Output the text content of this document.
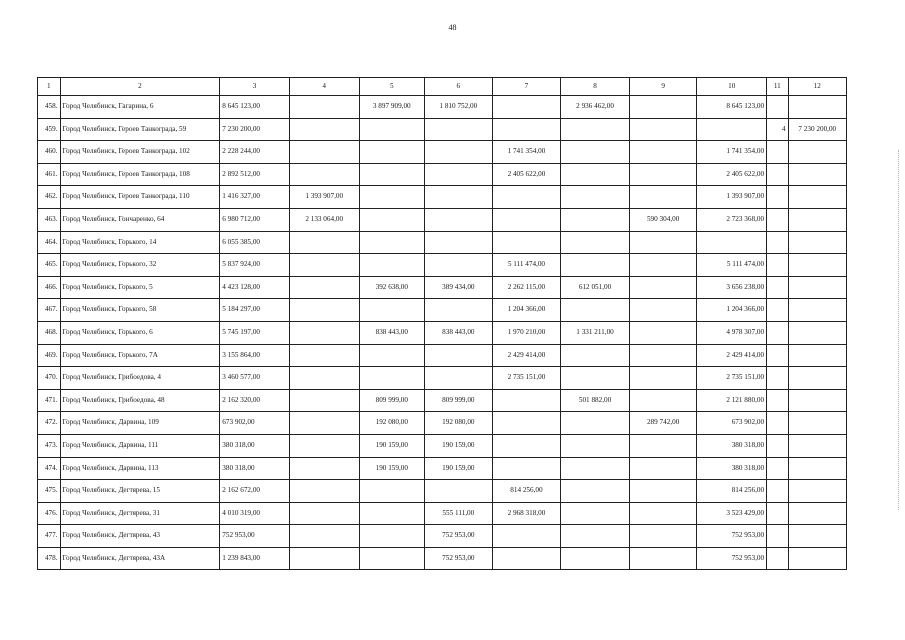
48
1	2	3	4	5	6	7	8	9	10	11	12
458.	Город Челябинск, Гагарина, 6	8 645 123,00		3 897 909,00	1 810 752,00		2 936 462,00		8 645 123,00		
459.	Город Челябинск, Героев Танкограда, 59	7 230 200,00								4	7 230 200,00
460.	Город Челябинск, Героев Танкограда, 102	2 228 244,00				1 741 354,00			1 741 354,00		
461.	Город Челябинск, Героев Танкограда, 108	2 892 512,00				2 405 622,00			2 405 622,00		
462.	Город Челябинск, Героев Танкограда, 110	1 416 327,00	1 393 907,00						1 393 907,00		
463.	Город Челябинск, Гончаренко, 64	6 980 712,00	2 133 064,00					590 304,00	2 723 368,00		
464.	Город Челябинск, Горького, 14	6 055 385,00									
465.	Город Челябинск, Горького, 32	5 837 924,00				5 111 474,00			5 111 474,00		
466.	Город Челябинск, Горького, 5	4 423 128,00		392 638,00	389 434,00	2 262 115,00	612 051,00		3 656 238,00		
467.	Город Челябинск, Горького, 58	5 184 297,00				1 204 366,00			1 204 366,00		
468.	Город Челябинск, Горького, 6	5 745 197,00		838 443,00	838 443,00	1 970 210,00	1 331 211,00		4 978 307,00		
469.	Город Челябинск, Горького, 7А	3 155 864,00				2 429 414,00			2 429 414,00		
470.	Город Челябинск, Грибоедова, 4	3 460 577,00				2 735 151,00			2 735 151,00		
471.	Город Челябинск, Грибоедова, 48	2 162 320,00		809 999,00	809 999,00		501 882,00		2 121 880,00		
472.	Город Челябинск, Дарвина, 109	673 902,00		192 080,00	192 080,00			289 742,00	673 902,00		
473.	Город Челябинск, Дарвина, 111	380 318,00		190 159,00	190 159,00				380 318,00		
474.	Город Челябинск, Дарвина, 113	380 318,00		190 159,00	190 159,00				380 318,00		
475.	Город Челябинск, Дегтярева, 15	2 162 672,00				814 256,00			814 256,00		
476.	Город Челябинск, Дегтярева, 31	4 010 319,00			555 111,00	2 968 318,00			3 523 429,00		
477.	Город Челябинск, Дегтярева, 43	752 953,00			752 953,00				752 953,00		
478.	Город Челябинск, Дегтярева, 43А	1 239 843,00			752 953,00				752 953,00		
